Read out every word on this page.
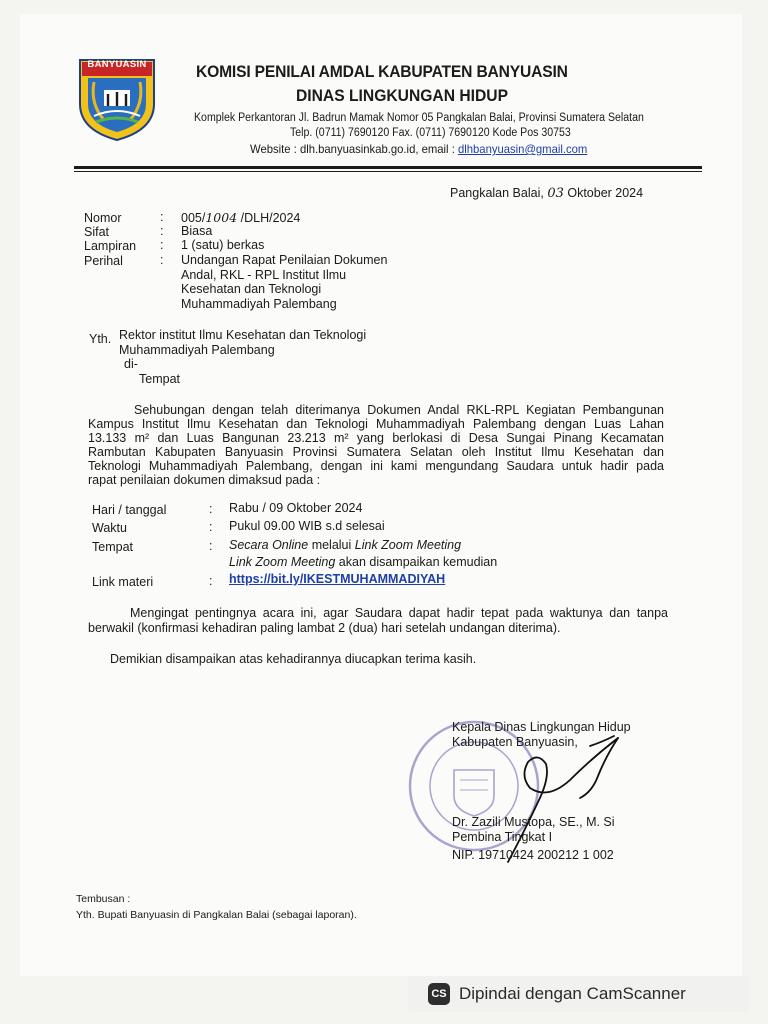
BANYUASIN	KOMISI PENILAI AMDAL KABUPATEN BANYUASIN
DINAS LINGKUNGAN HIDUP
Komplek Perkantoran Jl. Badrun Mamak Nomor 05 Pangkalan Balai, Provinsi Sumatera Selatan
Telp. (0711) 7690120 Fax. (0711) 7690120 Kode Pos 30753
Website : dlh.banyuasinkab.go.id, email : dlhbanyuasin@gmail.com
Pangkalan Balai, 03 Oktober 2024
Nomor	: 005/1004 /DLH/2024
Sifat	: Biasa
Lampiran : 1 (satu) berkas
Perihal	: Undangan Rapat Penilaian Dokumen
Andal, RKL - RPL Institut Ilmu
Kesehatan dan Teknologi
Muhammadiyah Palembang
Yth. Rektor institut Ilmu Kesehatan dan Teknologi
Muhammadiyah Palembang
di-
Tempat
Sehubungan dengan telah diterimanya Dokumen Andal RKL-RPL Kegiatan Pembangunan
Kampus Institut Ilmu Kesehatan dan Teknologi Muhammadiyah Palembang dengan Luas Lahan
13.133 m² dan Luas Bangunan 23.213 m² yang berlokasi di Desa Sungai Pinang Kecamatan
Rambutan Kabupaten Banyuasin Provinsi Sumatera Selatan oleh Institut Ilmu Kesehatan dan
Teknologi Muhammadiyah Palembang, dengan ini kami mengundang Saudara untuk hadir pada
rapat penilaian dokumen dimaksud pada :
Hari / tanggal	: Rabu / 09 Oktober 2024
Waktu	: Pukul 09.00 WIB s.d selesai
Tempat	: Secara Online melalui Link Zoom Meeting
Link Zoom Meeting akan disampaikan kemudian
Link materi	: https://bit.ly/IKESTMUHAMMADIYAH
Mengingat pentingnya acara ini, agar Saudara dapat hadir tepat pada waktunya dan tanpa
berwakil (konfirmasi kehadiran paling lambat 2 (dua) hari setelah undangan diterima).
Demikian disampaikan atas kehadirannya diucapkan terima kasih.
Kepala Dinas Lingkungan Hidup
Kabupaten Banyuasin,
Dr. Zazili Mustopa, SE., M. Si
Pembina Tingkat I
NIP. 19710424 200212 1 002
Tembusan :
Yth. Bupati Banyuasin di Pangkalan Balai (sebagai laporan).
CS Dipindai dengan CamScanner
